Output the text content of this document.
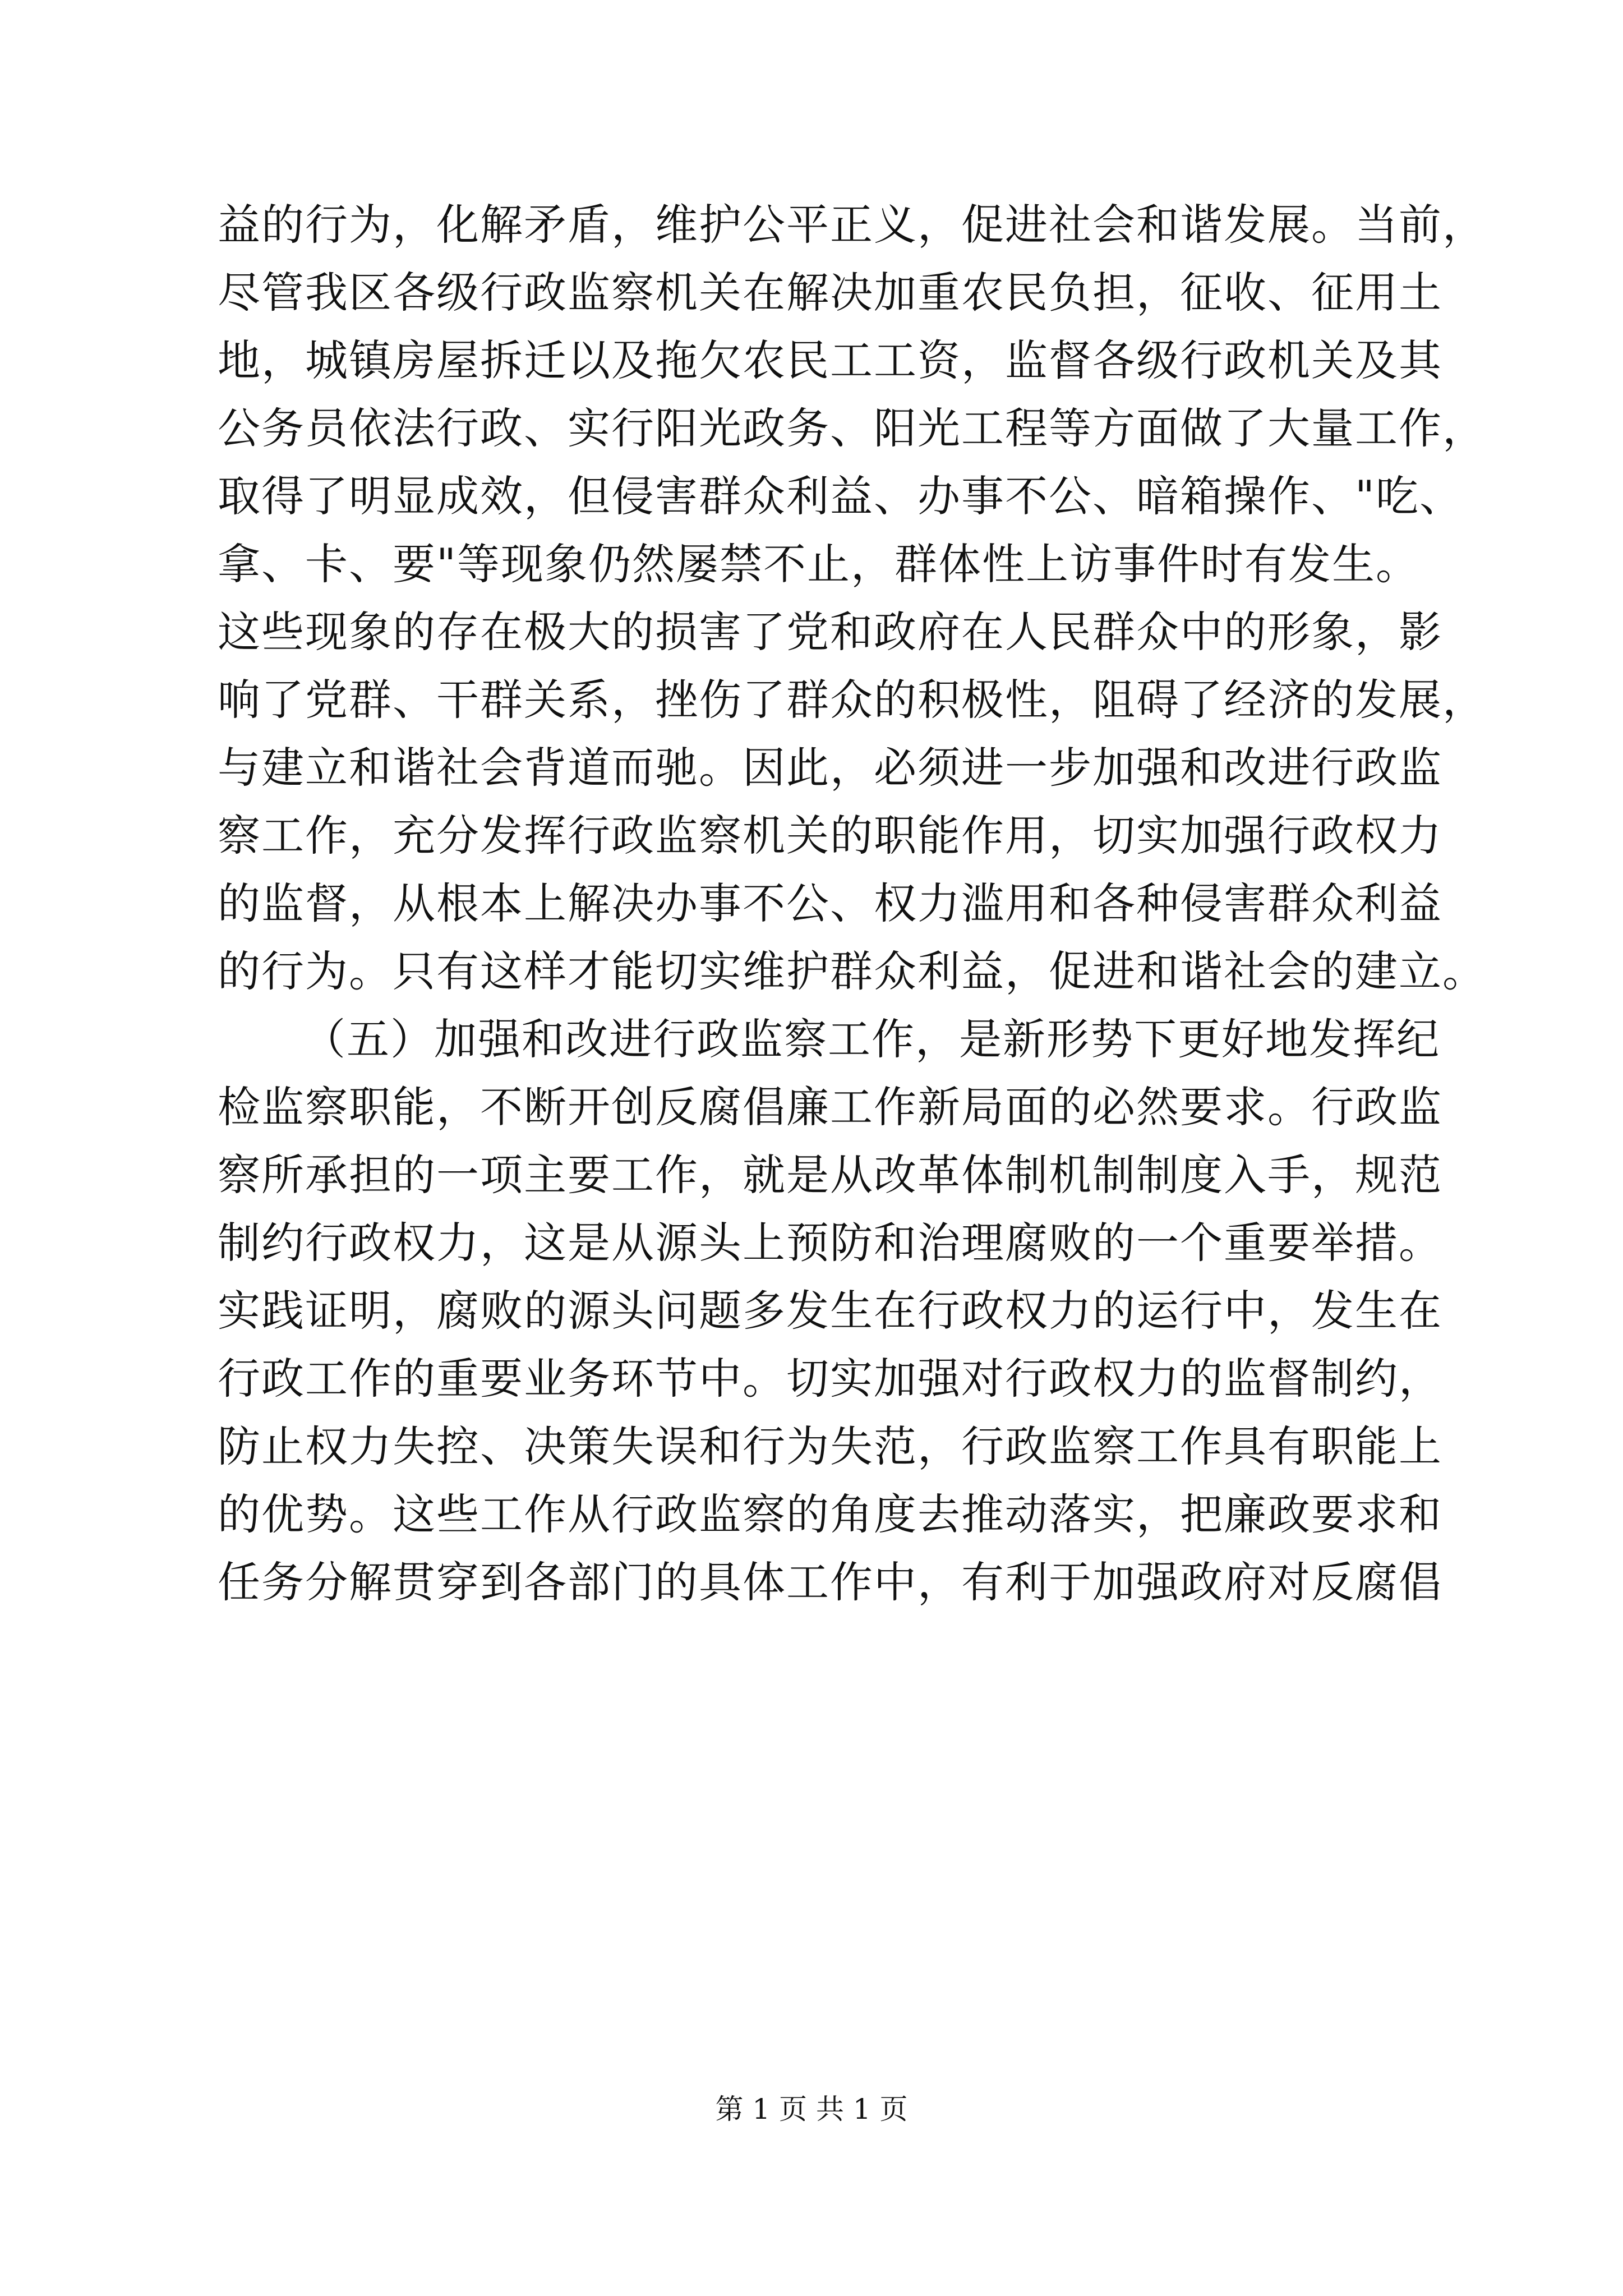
益的行为，化解矛盾，维护公平正义，促进社会和谐发展。当前，
尽管我区各级行政监察机关在解决加重农民负担，征收、征用土
地，城镇房屋拆迁以及拖欠农民工工资，监督各级行政机关及其
公务员依法行政、实行阳光政务、阳光工程等方面做了大量工作，
取得了明显成效，但侵害群众利益、办事不公、暗箱操作、"吃、
拿、卡、要"等现象仍然屡禁不止，群体性上访事件时有发生。
这些现象的存在极大的损害了党和政府在人民群众中的形象，影
响了党群、干群关系，挫伤了群众的积极性，阻碍了经济的发展，
与建立和谐社会背道而驰。因此，必须进一步加强和改进行政监
察工作，充分发挥行政监察机关的职能作用，切实加强行政权力
的监督，从根本上解决办事不公、权力滥用和各种侵害群众利益
的行为。只有这样才能切实维护群众利益，促进和谐社会的建立。
（五）加强和改进行政监察工作，是新形势下更好地发挥纪
检监察职能，不断开创反腐倡廉工作新局面的必然要求。行政监
察所承担的一项主要工作，就是从改革体制机制制度入手，规范
制约行政权力，这是从源头上预防和治理腐败的一个重要举措。
实践证明，腐败的源头问题多发生在行政权力的运行中，发生在
行政工作的重要业务环节中。切实加强对行政权力的监督制约，
防止权力失控、决策失误和行为失范，行政监察工作具有职能上
的优势。这些工作从行政监察的角度去推动落实，把廉政要求和
任务分解贯穿到各部门的具体工作中，有利于加强政府对反腐倡
第 1 页 共 1 页
